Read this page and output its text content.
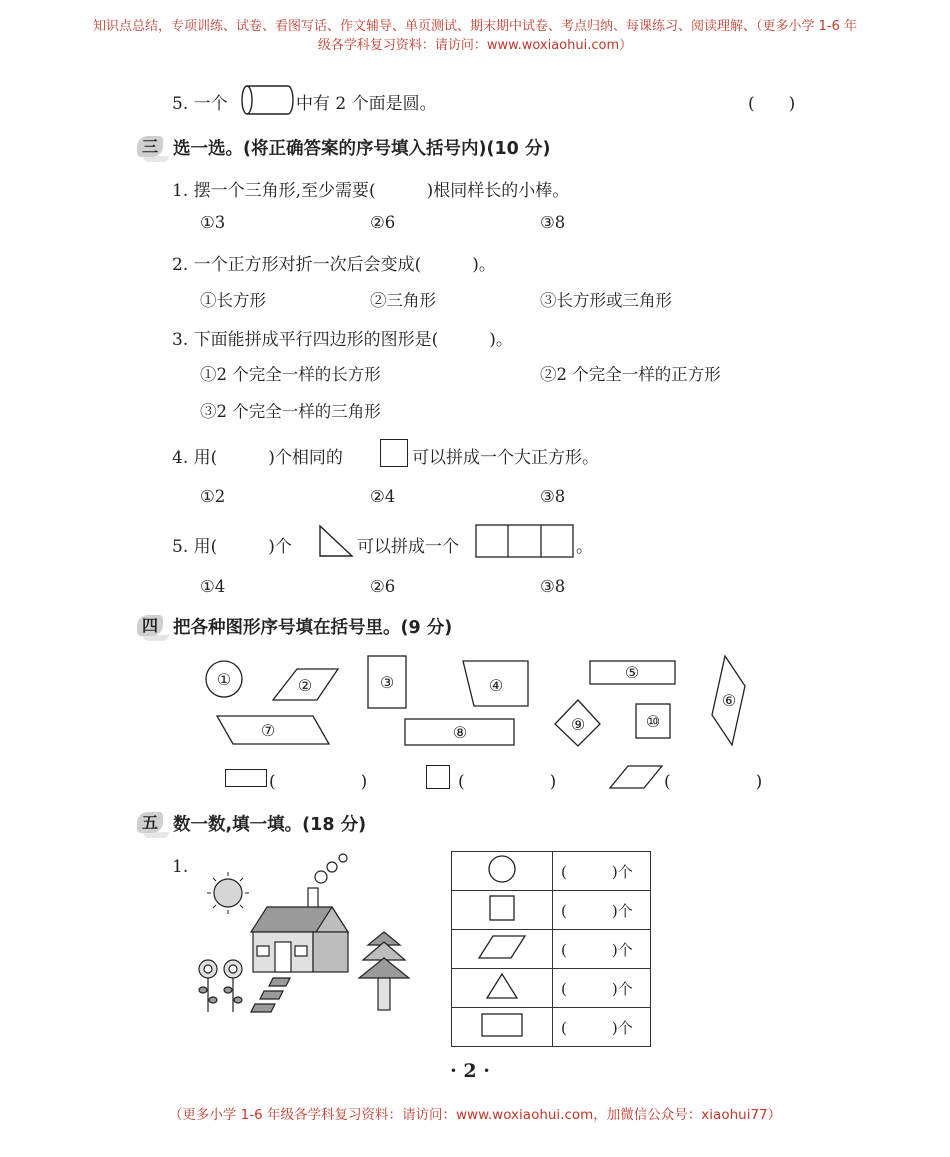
知识点总结，专项训练、试卷、看图写话、作文辅导、单页测试、期末期中试卷、考点归纳、每课练习、阅读理解、（更多小学 1-6 年
级各学科复习资料：请访问：www.woxiaohui.com）
5. 一个	中有 2 个面是圆。	(　　)
三 选一选。(将正确答案的序号填入括号内)(10 分)
1. 摆一个三角形,至少需要(　　　)根同样长的小棒。
①3	②6	③8
2. 一个正方形对折一次后会变成(　　　)。
①长方形	②三角形	③长方形或三角形
3. 下面能拼成平行四边形的图形是(　　　)。
①2 个完全一样的长方形	②2 个完全一样的正方形
③2 个完全一样的三角形
4. 用(　　　)个相同的	可以拼成一个大正方形。
①2	②4	③8
5. 用(　　　)个	可以拼成一个	。
①4	②6	③8
四 把各种图形序号填在括号里。(9 分)
①	②	③	④
⑤
⑥
⑦	⑧	⑨	⑩
(　　　　　)	(　　　　　)	(　　　　　)
五 数一数,填一填。(18 分)
1.
		(　　　)个
	(　　　)个
	(　　　)个
	(　　　)个
	(　　　)个
· 2 ·
（更多小学 1-6 年级各学科复习资料：请访问：www.woxiaohui.com，加微信公众号：xiaohui77）
